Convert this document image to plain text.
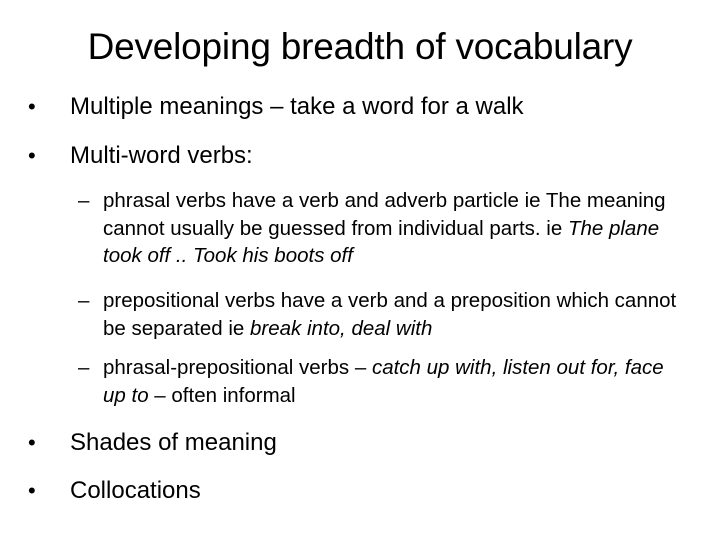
Developing breadth of vocabulary
•	Multiple meanings – take a word for a walk
•	Multi-word verbs:
– phrasal verbs have a verb and adverb particle ie The meaning cannot usually be guessed from individual parts. ie The plane took off .. Took his boots off
– prepositional verbs have a verb and a preposition which cannot be separated ie break into, deal with
– phrasal-prepositional verbs – catch up with, listen out for, face up to – often informal
•	Shades of meaning
•	Collocations
